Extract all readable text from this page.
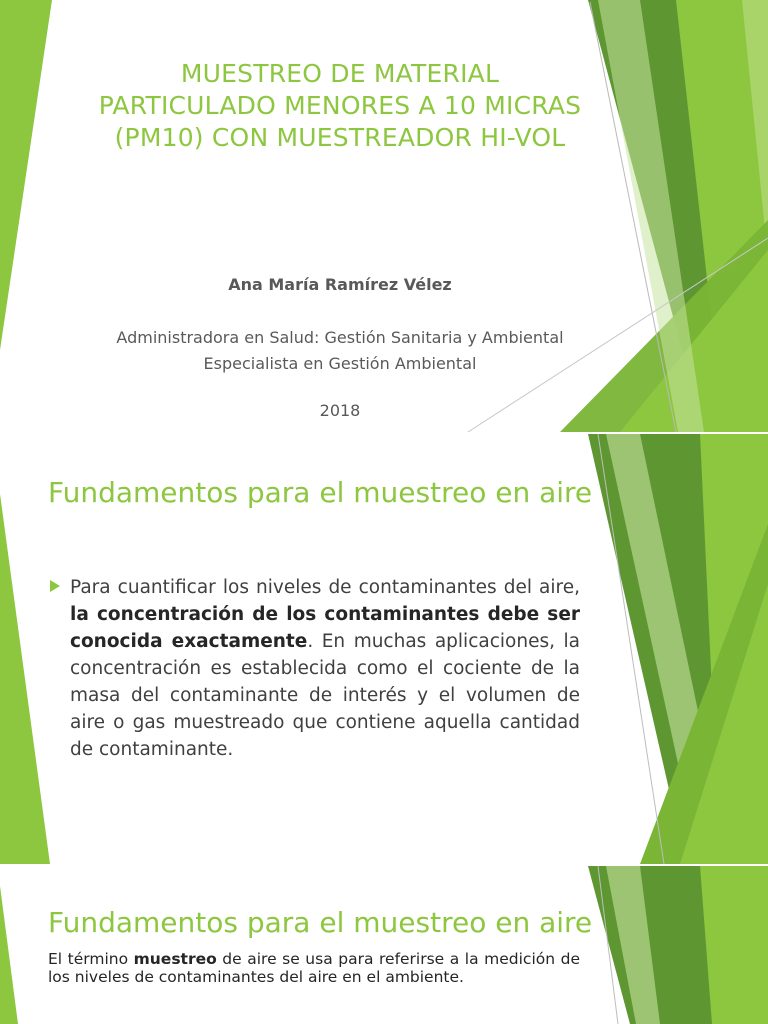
MUESTREO DE MATERIAL
PARTICULADO MENORES A 10 MICRAS
(PM10) CON MUESTREADOR HI-VOL
Ana María Ramírez Vélez
Administradora en Salud: Gestión Sanitaria y Ambiental
Especialista en Gestión Ambiental
2018
Fundamentos para el muestreo en aire
Para cuantificar los niveles de contaminantes del aire, la concentración de los contaminantes debe ser conocida exactamente. En muchas aplicaciones, la concentración es establecida como el cociente de la masa del contaminante de interés y el volumen de aire o gas muestreado que contiene aquella cantidad de contaminante.
Fundamentos para el muestreo en aire
El término muestreo de aire se usa para referirse a la medición de los niveles de contaminantes del aire en el ambiente.
